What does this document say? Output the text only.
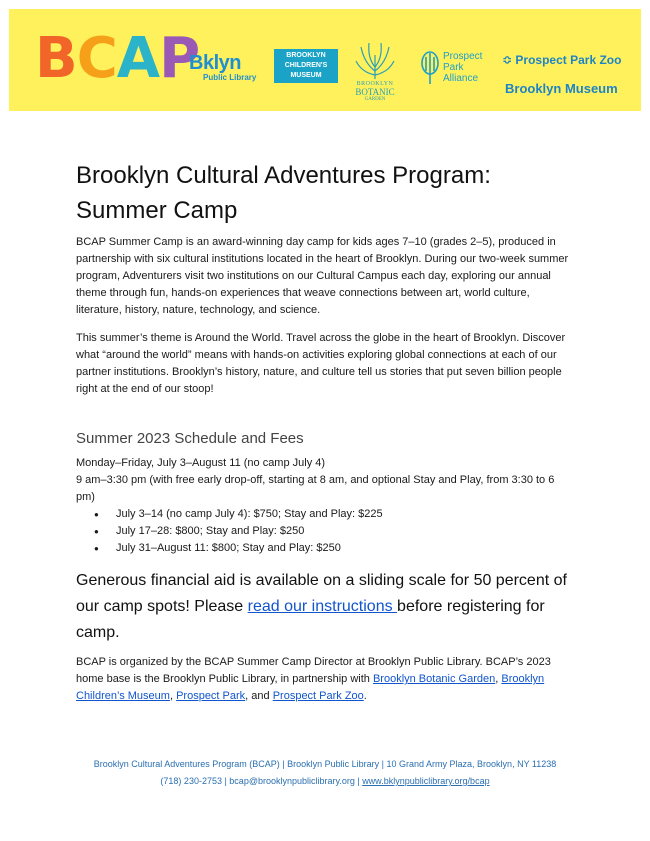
BCAP
Bklyn
Public Library
BROOKLYN
CHILDREN'S
MUSEUM
BROOKLYN
BOTANIC
GARDEN
Prospect
Park
Alliance
≎ Prospect Park Zoo
Brooklyn Museum
Brooklyn Cultural Adventures Program: Summer Camp

BCAP Summer Camp is an award-winning day camp for kids ages 7–10 (grades 2–5), produced in partnership with six cultural institutions located in the heart of Brooklyn. During our two-week summer program, Adventurers visit two institutions on our Cultural Campus each day, exploring our annual theme through fun, hands-on experiences that weave connections between art, world culture, literature, history, nature, technology, and science.

This summer’s theme is Around the World. Travel across the globe in the heart of Brooklyn. Discover what “around the world” means with hands-on activities exploring global connections at each of our partner institutions. Brooklyn’s history, nature, and culture tell us stories that put seven billion people right at the end of our stoop!

Summer 2023 Schedule and Fees
Monday–Friday, July 3–August 11 (no camp July 4)
9 am–3:30 pm (with free early drop-off, starting at 8 am, and optional Stay and Play, from 3:30 to 6 pm)
● July 3–14 (no camp July 4): $750; Stay and Play: $225
● July 17–28: $800; Stay and Play: $250
● July 31–August 11: $800; Stay and Play: $250

Generous financial aid is available on a sliding scale for 50 percent of our camp spots! Please read our instructions before registering for camp.

BCAP is organized by the BCAP Summer Camp Director at Brooklyn Public Library. BCAP’s 2023 home base is the Brooklyn Public Library, in partnership with Brooklyn Botanic Garden, Brooklyn Children’s Museum, Prospect Park, and Prospect Park Zoo.

Brooklyn Cultural Adventures Program (BCAP) | Brooklyn Public Library | 10 Grand Army Plaza, Brooklyn, NY 11238
(718) 230-2753 | bcap@brooklynpubliclibrary.org | www.bklynpubliclibrary.org/bcap
